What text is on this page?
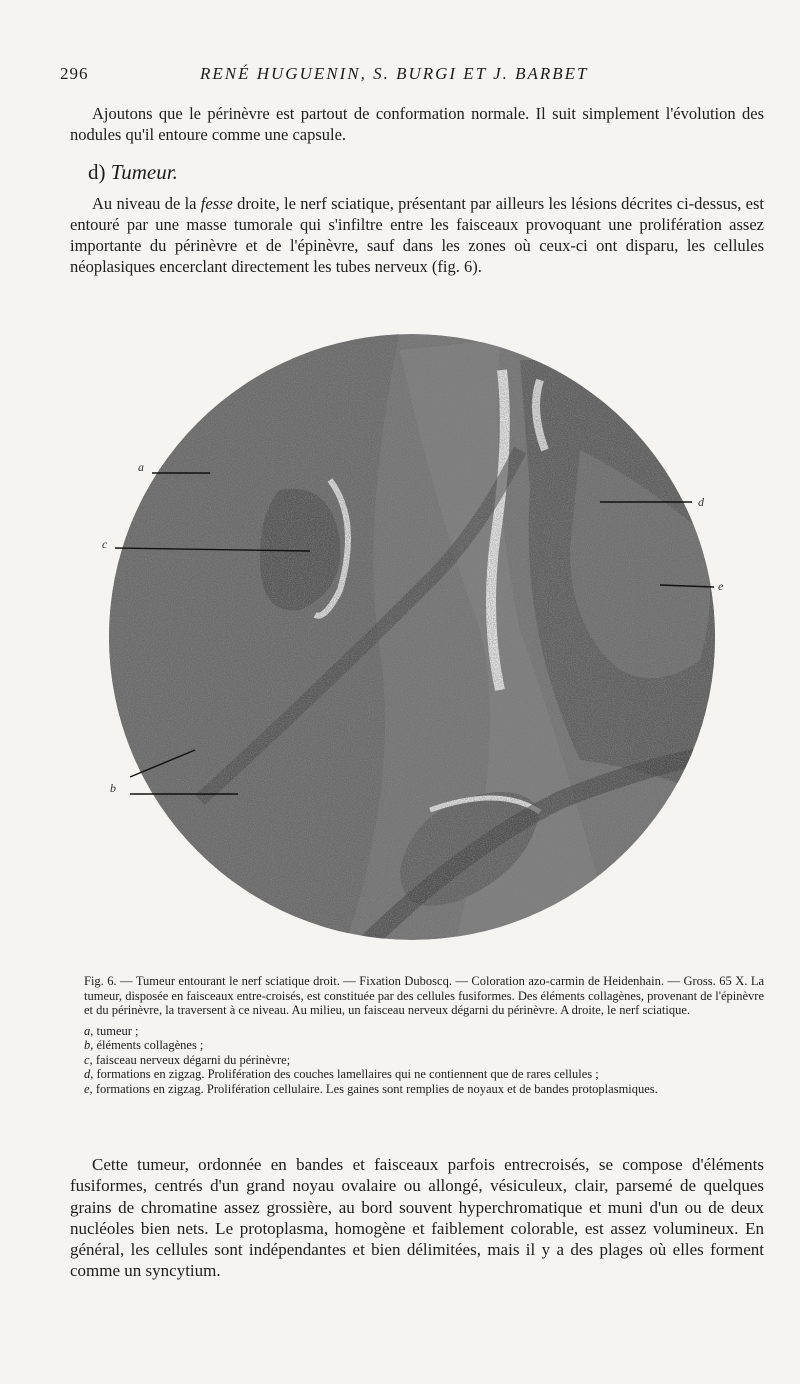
296	RENÉ HUGUENIN, S. BURGI ET J. BARBET

Ajoutons que le périnèvre est partout de conformation normale. Il suit simplement l'évolution des nodules qu'il entoure comme une capsule.

d) Tumeur.

Au niveau de la fesse droite, le nerf sciatique, présentant par ailleurs les lésions décrites ci-dessus, est entouré par une masse tumorale qui s'infiltre entre les faisceaux provoquant une prolifération assez importante du périnèvre et de l'épinèvre, sauf dans les zones où ceux-ci ont disparu, les cellules néoplasiques encerclant directement les tubes nerveux (fig. 6).

a
c
b
d
e

Fig. 6. — Tumeur entourant le nerf sciatique droit. — Fixation Duboscq. — Coloration azo-carmin de Heidenhain. — Gross. 65 X. La tumeur, disposée en faisceaux entre-croisés, est constituée par des cellules fusiformes. Des éléments collagènes, provenant de l'épinèvre et du périnèvre, la traversent à ce niveau. Au milieu, un faisceau nerveux dégarni du périnèvre. A droite, le nerf sciatique.

a, tumeur ;
b, éléments collagènes ;
c, faisceau nerveux dégarni du périnèvre;
d, formations en zigzag. Prolifération des couches lamellaires qui ne contiennent que de rares cellules ;
e, formations en zigzag. Prolifération cellulaire. Les gaines sont remplies de noyaux et de bandes protoplasmiques.

Cette tumeur, ordonnée en bandes et faisceaux parfois entrecroisés, se compose d'éléments fusiformes, centrés d'un grand noyau ovalaire ou allongé, vésiculeux, clair, parsemé de quelques grains de chromatine assez grossière, au bord souvent hyperchromatique et muni d'un ou de deux nucléoles bien nets. Le protoplasma, homogène et faiblement colorable, est assez volumineux. En général, les cellules sont indépendantes et bien délimitées, mais il y a des plages où elles forment comme un syncytium.
